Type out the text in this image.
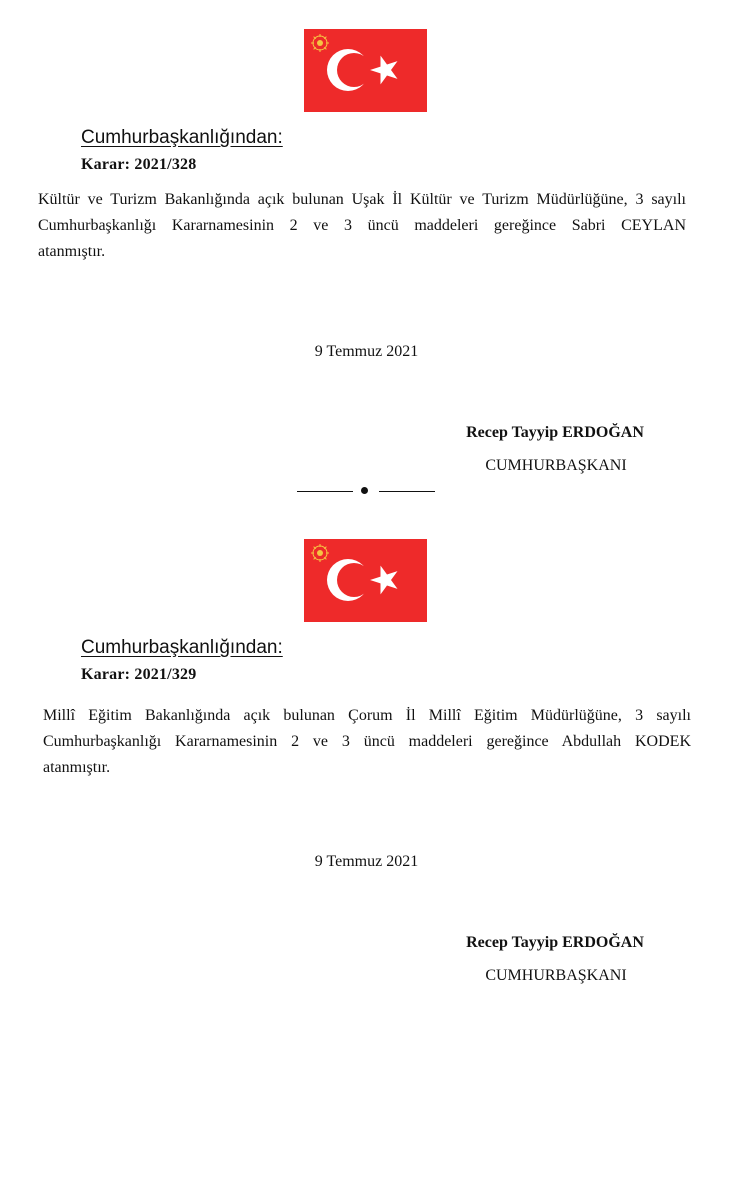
Cumhurbaşkanlığından:
Karar: 2021/328
Kültür ve Turizm Bakanlığında açık bulunan Uşak İl Kültür ve Turizm Müdürlüğüne, 3 sayılı
Cumhurbaşkanlığı Kararnamesinin 2 ve 3 üncü maddeleri gereğince Sabri CEYLAN
atanmıştır.
9 Temmuz 2021
Recep Tayyip ERDOĞAN
CUMHURBAŞKANI
Cumhurbaşkanlığından:
Karar: 2021/329
Millî Eğitim Bakanlığında açık bulunan Çorum İl Millî Eğitim Müdürlüğüne, 3 sayılı
Cumhurbaşkanlığı Kararnamesinin 2 ve 3 üncü maddeleri gereğince Abdullah KODEK
atanmıştır.
9 Temmuz 2021
Recep Tayyip ERDOĞAN
CUMHURBAŞKANI
